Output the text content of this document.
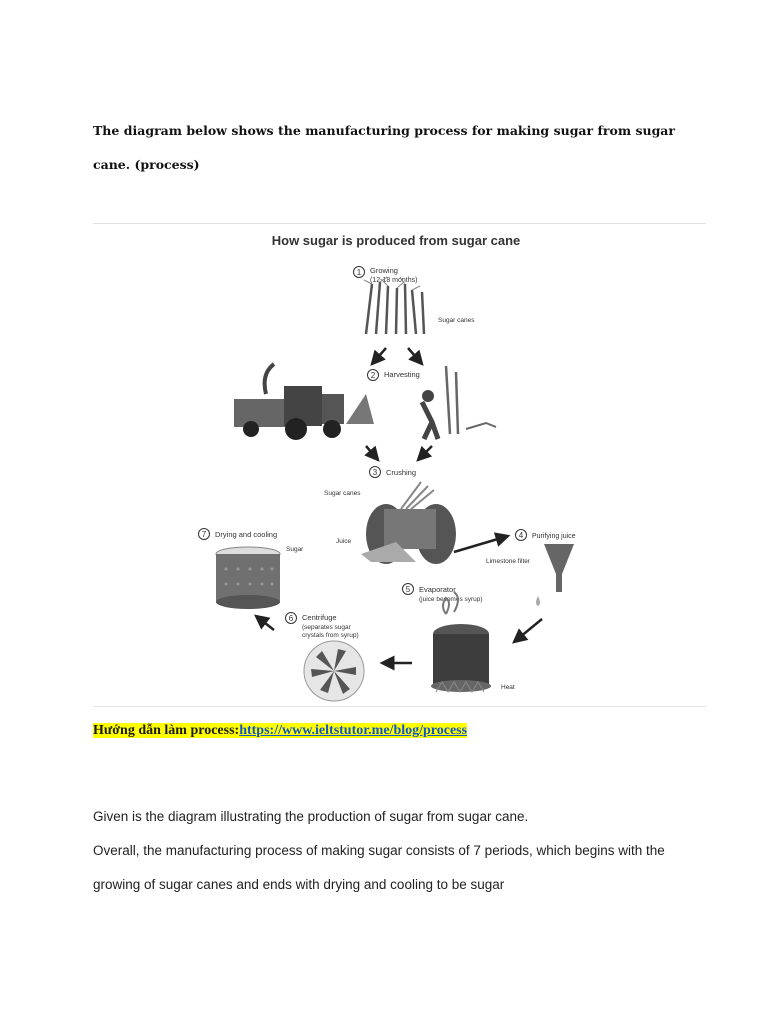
The diagram below shows the manufacturing process for making sugar from sugar cane. (process)
How sugar is produced from sugar cane
1 Growing
(12-18 months)
Sugar canes
2 Harvesting
3 Crushing
Sugar canes
Juice
4 Purifying juice
Limestone filter
5 Evaporator
(juice becomes syrup)
Heat
6 Centrifuge
(separates sugar
crystals from syrup)
7 Drying and cooling
Sugar
Hướng dẫn làm process:https://www.ieltstutor.me/blog/process
Given is the diagram illustrating the production of sugar from sugar cane.
Overall, the manufacturing process of making sugar consists of 7 periods, which begins with the growing of sugar canes and ends with drying and cooling to be sugar
